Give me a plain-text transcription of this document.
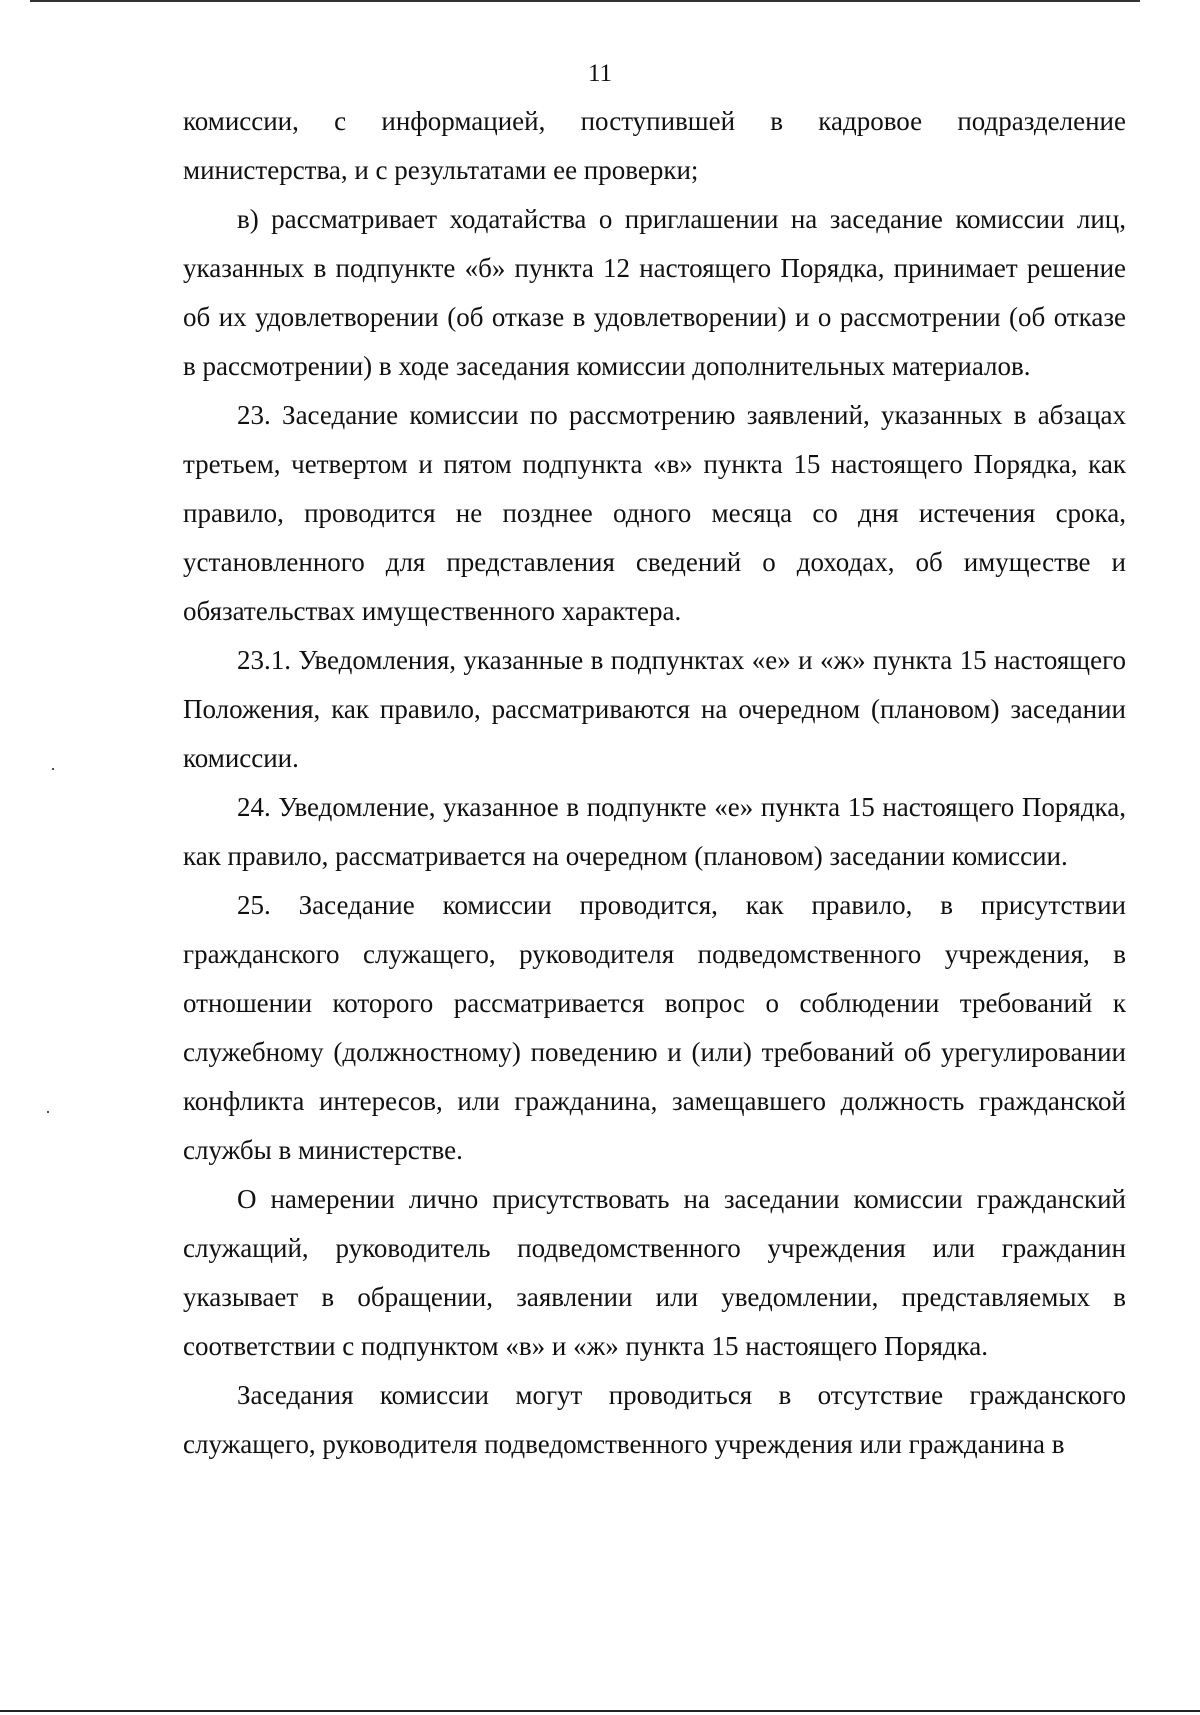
11

комиссии, с информацией, поступившей в кадровое подразделение министерства, и с результатами ее проверки;

в) рассматривает ходатайства о приглашении на заседание комиссии лиц, указанных в подпункте «б» пункта 12 настоящего Порядка, принимает решение об их удовлетворении (об отказе в удовлетворении) и о рассмотрении (об отказе в рассмотрении) в ходе заседания комиссии дополнительных материалов.

23. Заседание комиссии по рассмотрению заявлений, указанных в абзацах третьем, четвертом и пятом подпункта «в» пункта 15 настоящего Порядка, как правило, проводится не позднее одного месяца со дня истечения срока, установленного для представления сведений о доходах, об имуществе и обязательствах имущественного характера.

23.1. Уведомления, указанные в подпунктах «е» и «ж» пункта 15 настоящего Положения, как правило, рассматриваются на очередном (плановом) заседании комиссии.

24. Уведомление, указанное в подпункте «е» пункта 15 настоящего Порядка, как правило, рассматривается на очередном (плановом) заседании комиссии.

25. Заседание комиссии проводится, как правило, в присутствии гражданского служащего, руководителя подведомственного учреждения, в отношении которого рассматривается вопрос о соблюдении требований к служебному (должностному) поведению и (или) требований об урегулировании конфликта интересов, или гражданина, замещавшего должность гражданской службы в министерстве.

О намерении лично присутствовать на заседании комиссии гражданский служащий, руководитель подведомственного учреждения или гражданин указывает в обращении, заявлении или уведомлении, представляемых в соответствии с подпунктом «в» и «ж» пункта 15 настоящего Порядка.

Заседания комиссии могут проводиться в отсутствие гражданского служащего, руководителя подведомственного учреждения или гражданина в

·
·
